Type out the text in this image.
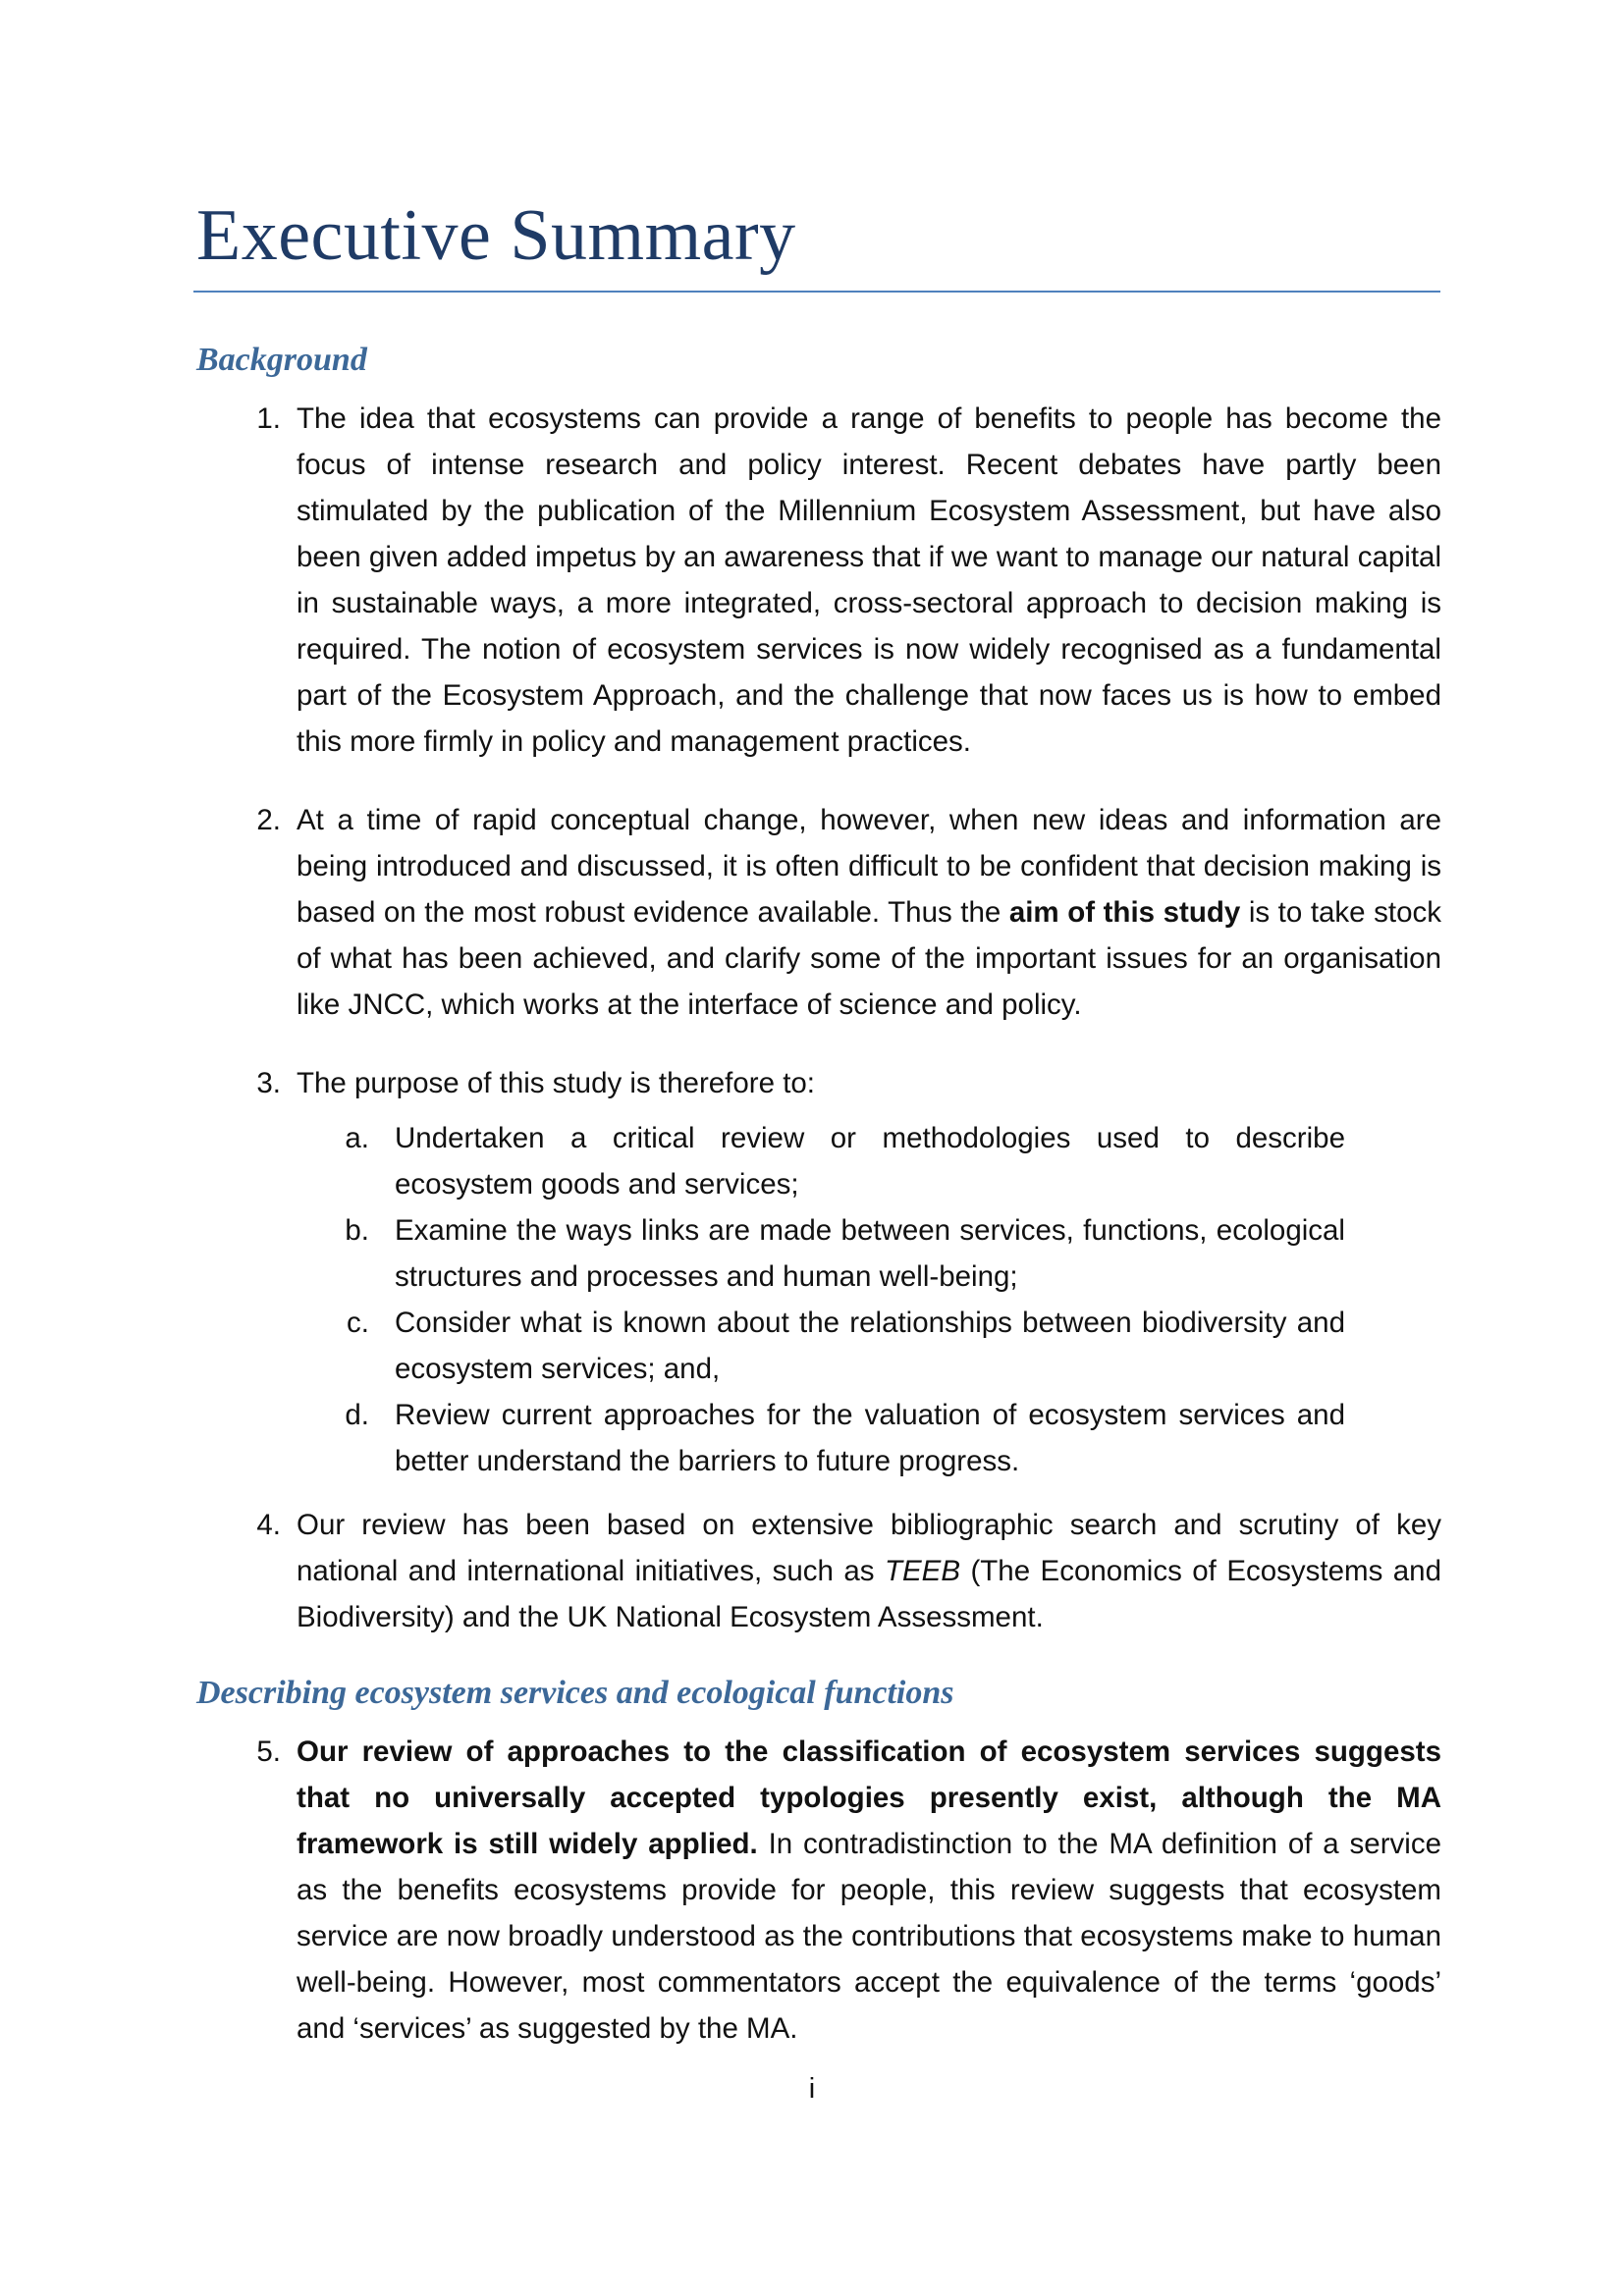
Executive Summary
Background
1. The idea that ecosystems can provide a range of benefits to people has become the focus of intense research and policy interest. Recent debates have partly been stimulated by the publication of the Millennium Ecosystem Assessment, but have also been given added impetus by an awareness that if we want to manage our natural capital in sustainable ways, a more integrated, cross-sectoral approach to decision making is required. The notion of ecosystem services is now widely recognised as a fundamental part of the Ecosystem Approach, and the challenge that now faces us is how to embed this more firmly in policy and management practices.
2. At a time of rapid conceptual change, however, when new ideas and information are being introduced and discussed, it is often difficult to be confident that decision making is based on the most robust evidence available. Thus the aim of this study is to take stock of what has been achieved, and clarify some of the important issues for an organisation like JNCC, which works at the interface of science and policy.
3. The purpose of this study is therefore to:
a. Undertaken a critical review or methodologies used to describe ecosystem goods and services;
b. Examine the ways links are made between services, functions, ecological structures and processes and human well-being;
c. Consider what is known about the relationships between biodiversity and ecosystem services; and,
d. Review current approaches for the valuation of ecosystem services and better understand the barriers to future progress.
4. Our review has been based on extensive bibliographic search and scrutiny of key national and international initiatives, such as TEEB (The Economics of Ecosystems and Biodiversity) and the UK National Ecosystem Assessment.
Describing ecosystem services and ecological functions
5. Our review of approaches to the classification of ecosystem services suggests that no universally accepted typologies presently exist, although the MA framework is still widely applied. In contradistinction to the MA definition of a service as the benefits ecosystems provide for people, this review suggests that ecosystem service are now broadly understood as the contributions that ecosystems make to human well-being. However, most commentators accept the equivalence of the terms ‘goods’ and ‘services’ as suggested by the MA.
i
